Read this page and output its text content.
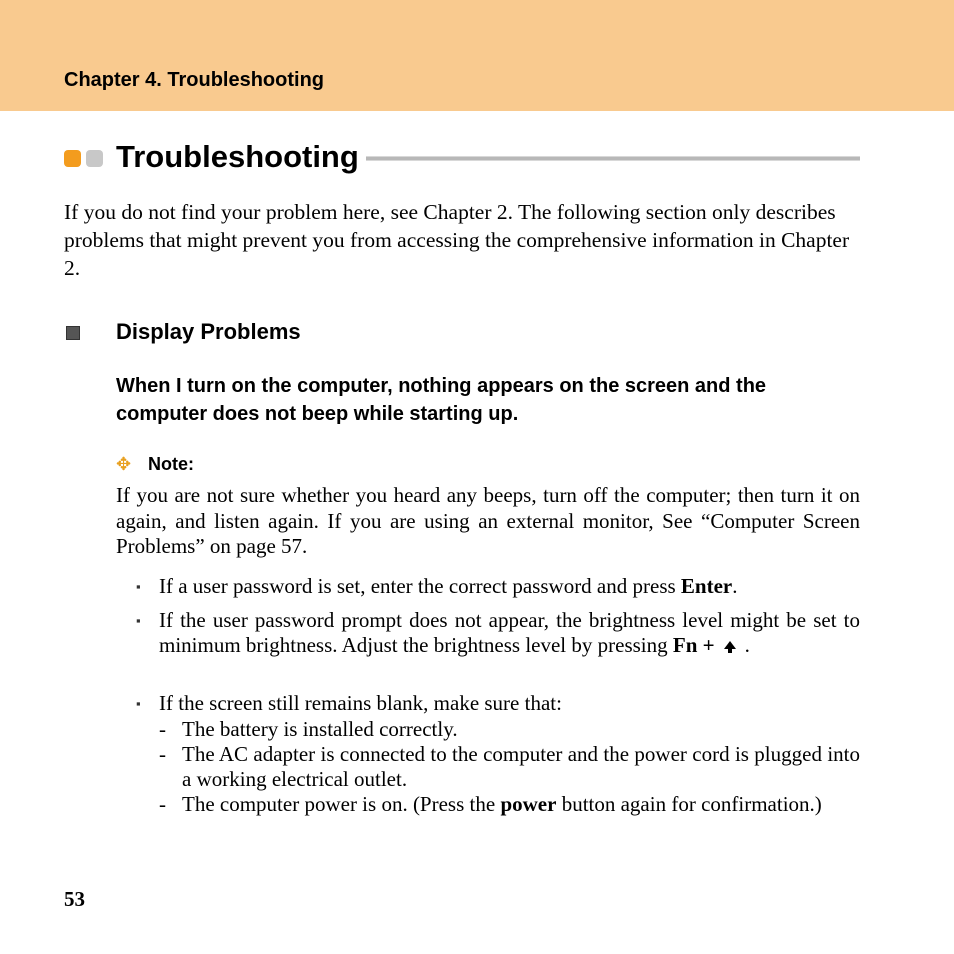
Chapter 4. Troubleshooting
Troubleshooting
If you do not find your problem here, see Chapter 2. The following section only describes problems that might prevent you from accessing the comprehensive information in Chapter 2.
Display Problems
When I turn on the computer, nothing appears on the screen and the computer does not beep while starting up.
✥ Note:
If you are not sure whether you heard any beeps, turn off the computer; then turn it on again, and listen again. If you are using an external monitor, See “Computer Screen Problems” on page 57.
▪ If a user password is set, enter the correct password and press Enter.
▪ If the user password prompt does not appear, the brightness level might be set to minimum brightness. Adjust the brightness level by pressing Fn + .
▪ If the screen still remains blank, make sure that:
- The battery is installed correctly.
- The AC adapter is connected to the computer and the power cord is plugged into a working electrical outlet.
- The computer power is on. (Press the power button again for confirmation.)
53
